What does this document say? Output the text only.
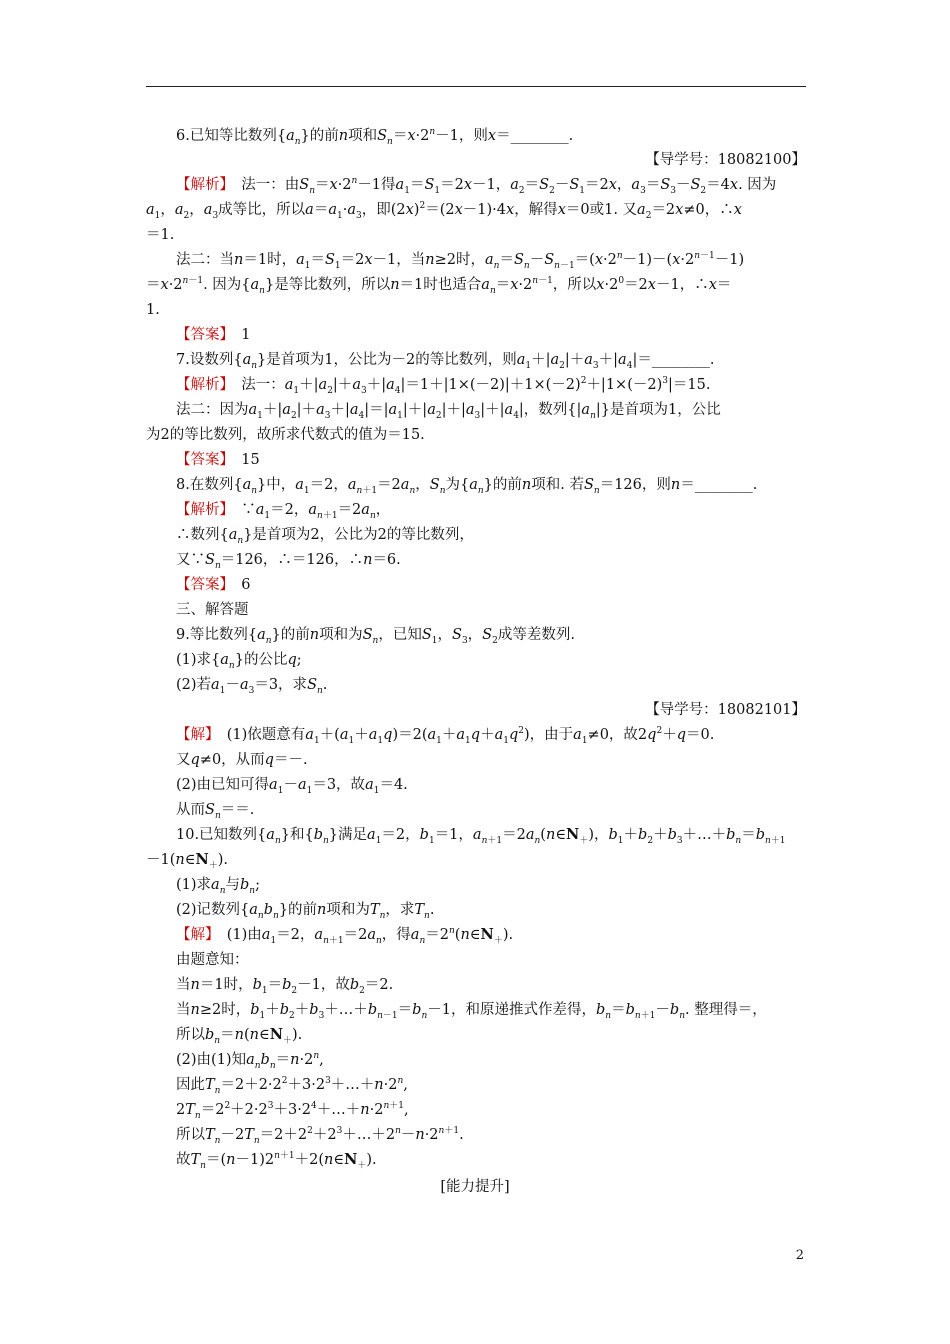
6.已知等比数列$\{a_n\}$的前n项和$S_n=x\cdot 2^n-1$，则x＝________.
【导学号：18082100】
【解析】　法一：由$S_n=x\cdot 2^n-1$得$a_1=S_1=2x-1$，$a_2=S_2-S_1=2x$，$a_3=S_3-S_2=4x$. 因为
$a_1$，$a_2$，$a_3$成等比，所以$a=a_1\cdot a_3$，即$(2x)^2=(2x-1)\cdot 4x$，解得x＝0或1. 又$a_2=2x\ne 0$，∴x
＝1.
法二：当n＝1时，$a_1=S_1=2x-1$，当n≥2时，$a_n=S_n-S_{n-1}=(x\cdot 2^n-1)-(x\cdot 2^{n-1}-1)$
$=x\cdot 2^{n-1}$. 因为$\{a_n\}$是等比数列，所以n＝1时也适合$a_n=x\cdot 2^{n-1}$，所以$x\cdot 2^0=2x-1$，∴x＝
1.
【答案】　1
7.设数列$\{a_n\}$是首项为1，公比为－2的等比数列，则$a_1+|a_2|+a_3+|a_4|=\_\_\_\_\_\_\_\_$.
【解析】　法一：$a_1+|a_2|+a_3+|a_4|=1+|1\times(-2)|+1\times(-2)^2+|1\times(-2)^3|=15$.
法二：因为$a_1+|a_2|+a_3+|a_4|=|a_1|+|a_2|+|a_3|+|a_4|$，数列$\{|a_n|\}$是首项为1，公比
为2的等比数列，故所求代数式的值为＝15.
【答案】　15
8.在数列$\{a_n\}$中，$a_1=2$，$a_{n+1}=2a_n$，$S_n$为$\{a_n\}$的前n项和. 若$S_n=126$，则n＝________.
【解析】　$\because a_1=2$，$a_{n+1}=2a_n$，
∴数列$\{a_n\}$是首项为2，公比为2的等比数列，
又$\because S_n=126$，∴＝126，∴n＝6.
【答案】　6
三、解答题
9.等比数列$\{a_n\}$的前n项和为$S_n$，已知$S_1$，$S_3$，$S_2$成等差数列.
(1)求$\{a_n\}$的公比q;
(2)若$a_1-a_3=3$，求$S_n$.
【导学号：18082101】
【解】　(1)依题意有$a_1+(a_1+a_1q)=2(a_1+a_1q+a_1q^2)$，由于$a_1\ne 0$，故$2q^2+q=0$.
又q≠0，从而q＝－.
(2)由已知可得$a_1-a_1=3$，故$a_1=4$.
从而$S_n==$.
10.已知数列$\{a_n\}$和$\{b_n\}$满足$a_1=2$，$b_1=1$，$a_{n+1}=2a_n(n\in N_+)$，$b_1+b_2+b_3+\dots+b_n=b_{n+1}$
$-1(n\in N_+)$.
(1)求$a_n$与$b_n$;
(2)记数列$\{a_nb_n\}$的前n项和为$T_n$，求$T_n$.
【解】　(1)由$a_1=2$，$a_{n+1}=2a_n$，得$a_n=2^n(n\in N_+)$.
由题意知：
当n＝1时，$b_1=b_2-1$，故$b_2=2$.
当n≥2时，$b_1+b_2+b_3+\dots+b_{n-1}=b_n-1$，和原递推式作差得，$b_n=b_{n+1}-b_n$. 整理得＝，
所以$b_n=n(n\in N_+)$.
(2)由(1)知$a_nb_n=n\cdot 2^n$,
因此$T_n=2+2\cdot 2^2+3\cdot 2^3+\dots+n\cdot 2^n$,
$2T_n=2^2+2\cdot 2^3+3\cdot 2^4+\dots+n\cdot 2^{n+1}$,
所以$T_n-2T_n=2+2^2+2^3+\dots+2^n-n\cdot 2^{n+1}$.
故$T_n=(n-1)2^{n+1}+2(n\in N_+)$.
[能力提升]
2
